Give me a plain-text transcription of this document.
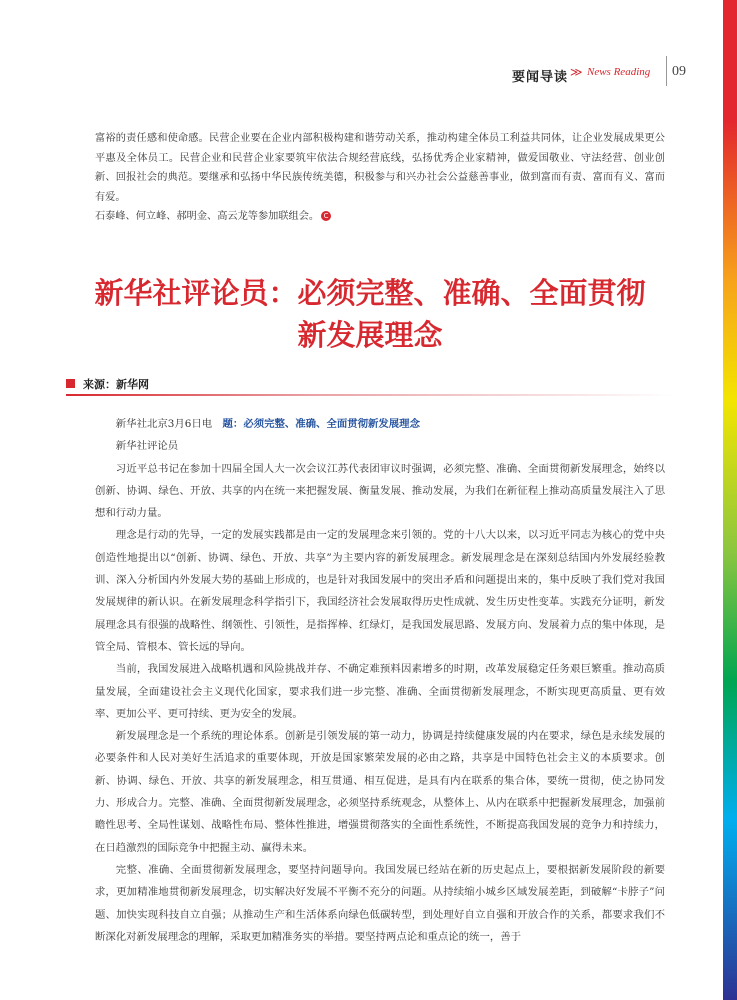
要闻导读 ≫ News Reading 09

富裕的责任感和使命感。民营企业要在企业内部积极构建和谐劳动关系，推动构建全体员工利益共同体，让企业发展成果更公平惠及全体员工。民营企业和民营企业家要筑牢依法合规经营底线，弘扬优秀企业家精神，做爱国敬业、守法经营、创业创新、回报社会的典范。要继承和弘扬中华民族传统美德，积极参与和兴办社会公益慈善事业，做到富而有责、富而有义、富而有爱。

石泰峰、何立峰、郝明金、高云龙等参加联组会。 C

新华社评论员：必须完整、准确、全面贯彻
新发展理念
来源：新华网

新华社北京3月6日电  题：必须完整、准确、全面贯彻新发展理念

新华社评论员

习近平总书记在参加十四届全国人大一次会议江苏代表团审议时强调，必须完整、准确、全面贯彻新发展理念，始终以创新、协调、绿色、开放、共享的内在统一来把握发展、衡量发展、推动发展，为我们在新征程上推动高质量发展注入了思想和行动力量。

理念是行动的先导，一定的发展实践都是由一定的发展理念来引领的。党的十八大以来，以习近平同志为核心的党中央创造性地提出以“创新、协调、绿色、开放、共享”为主要内容的新发展理念。新发展理念是在深刻总结国内外发展经验教训、深入分析国内外发展大势的基础上形成的，也是针对我国发展中的突出矛盾和问题提出来的，集中反映了我们党对我国发展规律的新认识。在新发展理念科学指引下，我国经济社会发展取得历史性成就、发生历史性变革。实践充分证明，新发展理念具有很强的战略性、纲领性、引领性，是指挥棒、红绿灯，是我国发展思路、发展方向、发展着力点的集中体现，是管全局、管根本、管长远的导向。

当前，我国发展进入战略机遇和风险挑战并存、不确定难预料因素增多的时期，改革发展稳定任务艰巨繁重。推动高质量发展，全面建设社会主义现代化国家，要求我们进一步完整、准确、全面贯彻新发展理念，不断实现更高质量、更有效率、更加公平、更可持续、更为安全的发展。

新发展理念是一个系统的理论体系。创新是引领发展的第一动力，协调是持续健康发展的内在要求，绿色是永续发展的必要条件和人民对美好生活追求的重要体现，开放是国家繁荣发展的必由之路，共享是中国特色社会主义的本质要求。创新、协调、绿色、开放、共享的新发展理念，相互贯通、相互促进，是具有内在联系的集合体，要统一贯彻，使之协同发力、形成合力。完整、准确、全面贯彻新发展理念，必须坚持系统观念，从整体上、从内在联系中把握新发展理念，加强前瞻性思考、全局性谋划、战略性布局、整体性推进，增强贯彻落实的全面性系统性，不断提高我国发展的竞争力和持续力，在日趋激烈的国际竞争中把握主动、赢得未来。

完整、准确、全面贯彻新发展理念，要坚持问题导向。我国发展已经站在新的历史起点上，要根据新发展阶段的新要求，更加精准地贯彻新发展理念，切实解决好发展不平衡不充分的问题。从持续缩小城乡区域发展差距，到破解“卡脖子”问题、加快实现科技自立自强；从推动生产和生活体系向绿色低碳转型，到处理好自立自强和开放合作的关系，都要求我们不断深化对新发展理念的理解，采取更加精准务实的举措。要坚持两点论和重点论的统一，善于
